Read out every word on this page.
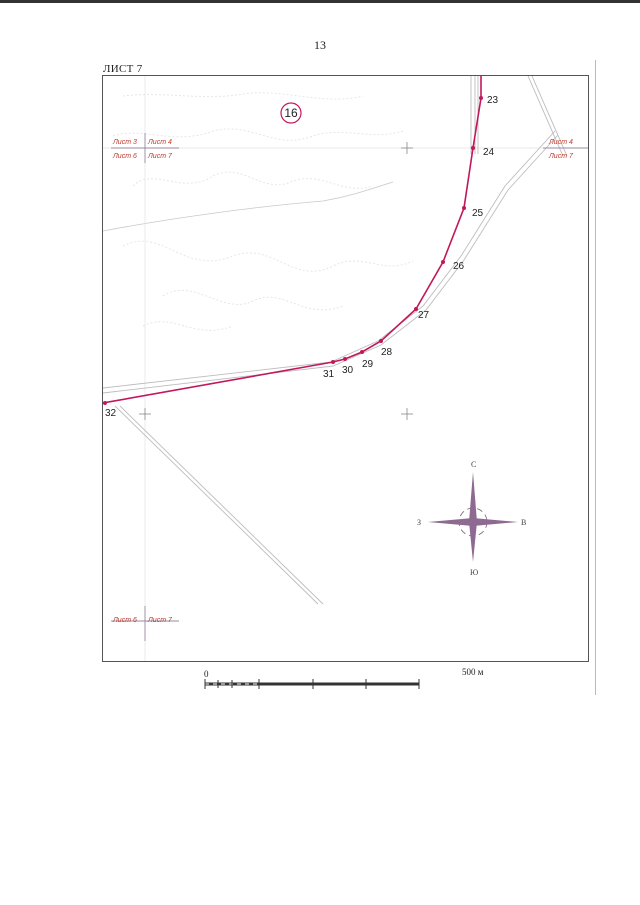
13
ЛИСТ 7
23
24
25
26
27
28
29
30
31
32
16
Лист 3 Лист 4
Лист 6 Лист 7
Лист 4
Лист 7
Лист 6 Лист 7
С
Ю
В
З
0	500 м
